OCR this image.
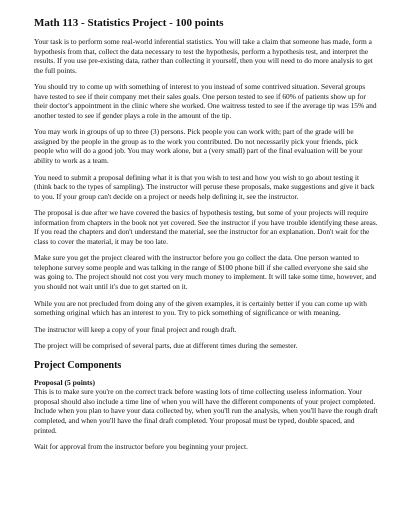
Math 113 - Statistics Project - 100 points

Your task is to perform some real-world inferential statistics. You will take a claim that someone has made, form a hypothesis from that, collect the data necessary to test the hypothesis, perform a hypothesis test, and interpret the results. If you use pre-existing data, rather than collecting it yourself, then you will need to do more analysis to get the full points.

You should try to come up with something of interest to you instead of some contrived situation. Several groups have tested to see if their company met their sales goals. One person tested to see if 60% of patients show up for their doctor's appointment in the clinic where she worked. One waitress tested to see if the average tip was 15% and another tested to see if gender plays a role in the amount of the tip.

You may work in groups of up to three (3) persons. Pick people you can work with; part of the grade will be assigned by the people in the group as to the work you contributed. Do not necessarily pick your friends, pick people who will do a good job. You may work alone, but a (very small) part of the final evaluation will be your ability to work as a team.

You need to submit a proposal defining what it is that you wish to test and how you wish to go about testing it (think back to the types of sampling). The instructor will peruse these proposals, make suggestions and give it back to you. If your group can't decide on a project or needs help defining it, see the instructor.

The proposal is due after we have covered the basics of hypothesis testing, but some of your projects will require information from chapters in the book not yet covered. See the instructor if you have trouble identifying these areas. If you read the chapters and don't understand the material, see the instructor for an explanation. Don't wait for the class to cover the material, it may be too late.

Make sure you get the project cleared with the instructor before you go collect the data. One person wanted to telephone survey some people and was talking in the range of $100 phone bill if she called everyone she said she was going to. The project should not cost you very much money to implement. It will take some time, however, and you should not wait until it's due to get started on it.

While you are not precluded from doing any of the given examples, it is certainly better if you can come up with something original which has an interest to you. Try to pick something of significance or with meaning.

The instructor will keep a copy of your final project and rough draft.

The project will be comprised of several parts, due at different times during the semester.

Project Components
Proposal (5 points)

This is to make sure you're on the correct track before wasting lots of time collecting useless information. Your proposal should also include a time line of when you will have the different components of your project completed. Include when you plan to have your data collected by, when you'll run the analysis, when you'll have the rough draft completed, and when you'll have the final draft completed. Your proposal must be typed, double spaced, and printed.

Wait for approval from the instructor before you beginning your project.
